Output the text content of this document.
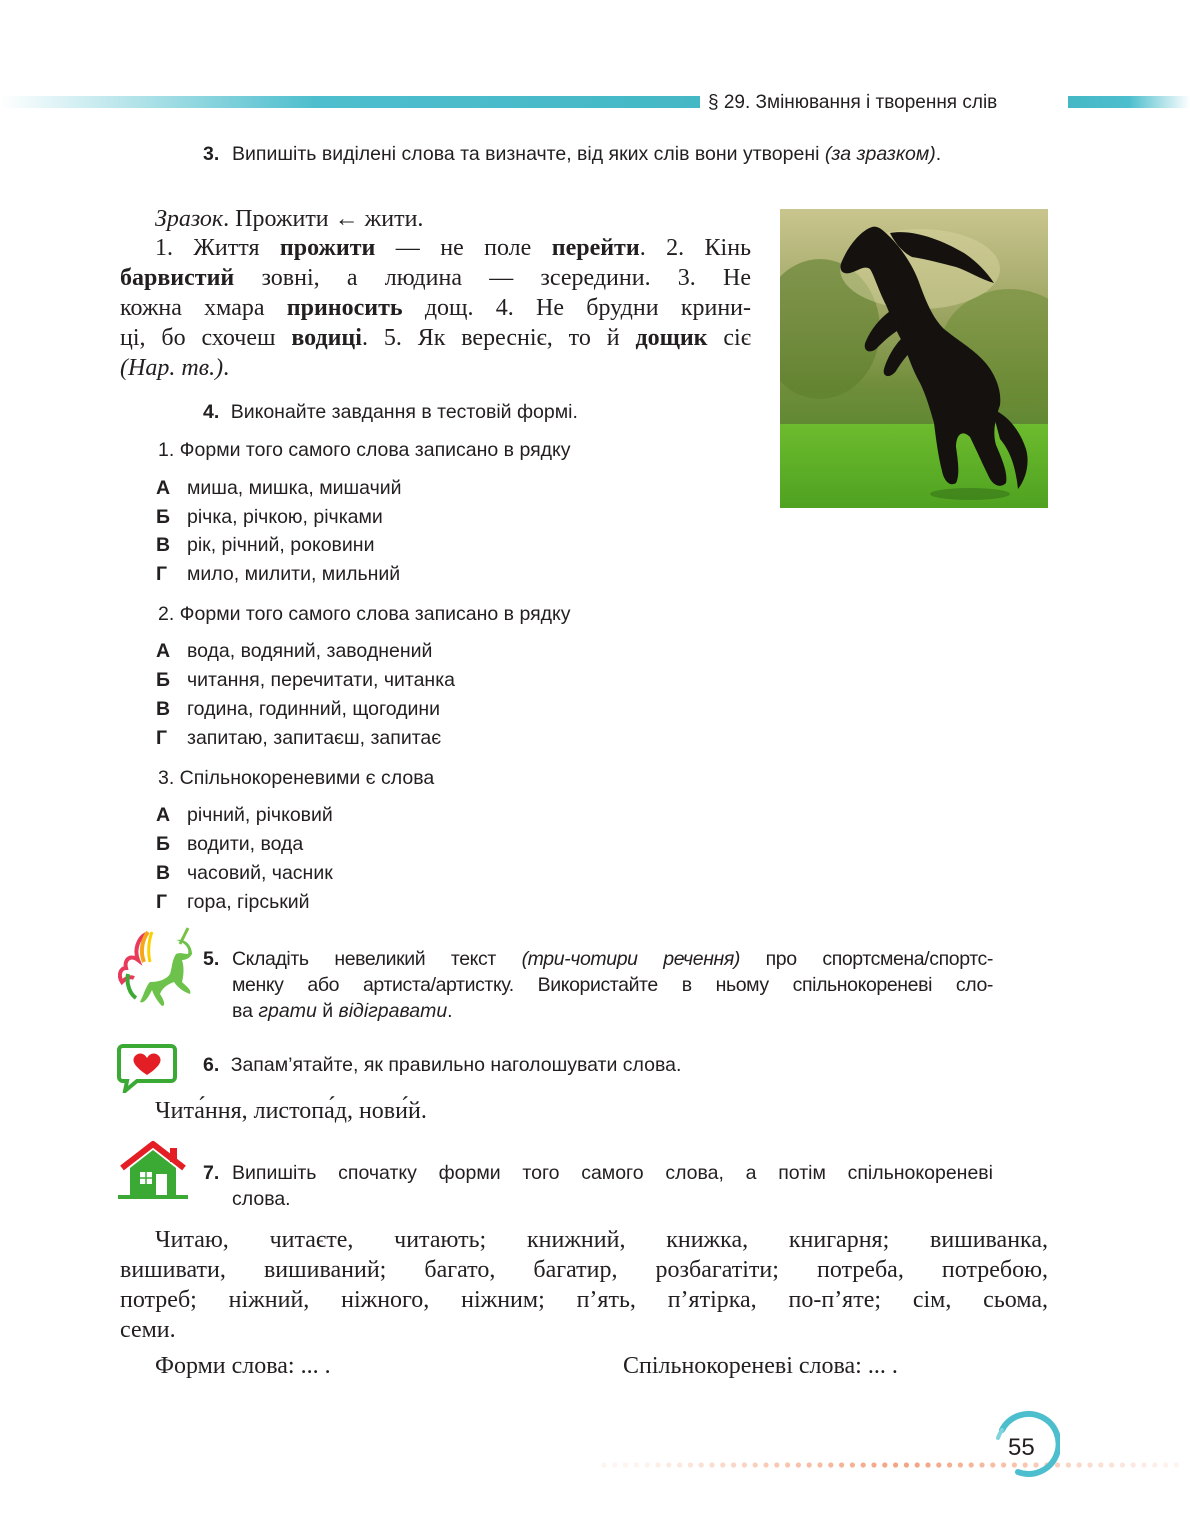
§ 29. Змінювання і творення слів
3. Випишіть виділені слова та визначте, від яких слів вони утворені (за зразком).
Зразок. Прожити ← жити.
1. Життя прожити — не поле перейти. 2. Кінь
барвистий зовні, а людина — зсередини. 3. Не
кожна хмара приносить дощ. 4. Не брудни крини-
ці, бо схочеш водиці. 5. Як вересніє, то й дощик сіє
(Нар. тв.).
4. Виконайте завдання в тестовій формі.
1. Форми того самого слова записано в рядку
А миша, мишка, мишачий
Б річка, річкою, річками
В рік, річний, роковини
Г мило, милити, мильний
2. Форми того самого слова записано в рядку
А вода, водяний, заводнений
Б читання, перечитати, читанка
В година, годинний, щогодини
Г запитаю, запитаєш, запитає
3. Спільнокореневими є слова
А річний, річковий
Б водити, вода
В часовий, часник
Г гора, гірський
5. Складіть невеликий текст (три-чотири речення) про спортсмена/спортс-
менку або артиста/артистку. Використайте в ньому спільнокореневі сло-
ва грати й відігравати.
6. Запам’ятайте, як правильно наголошувати слова.
Чита́ння, листопа́д, нови́й.
7. Випишіть спочатку форми того самого слова, а потім спільнокореневі
слова.
Читаю, читаєте, читають; книжний, книжка, книгарня; вишиванка,
вишивати, вишиваний; багато, багатир, розбагатіти; потреба, потребою,
потреб; ніжний, ніжного, ніжним; п’ять, п’ятірка, по-п’яте; сім, сьома,
семи.
Форми слова: ... .	Спільнокореневі слова: ... .
55
